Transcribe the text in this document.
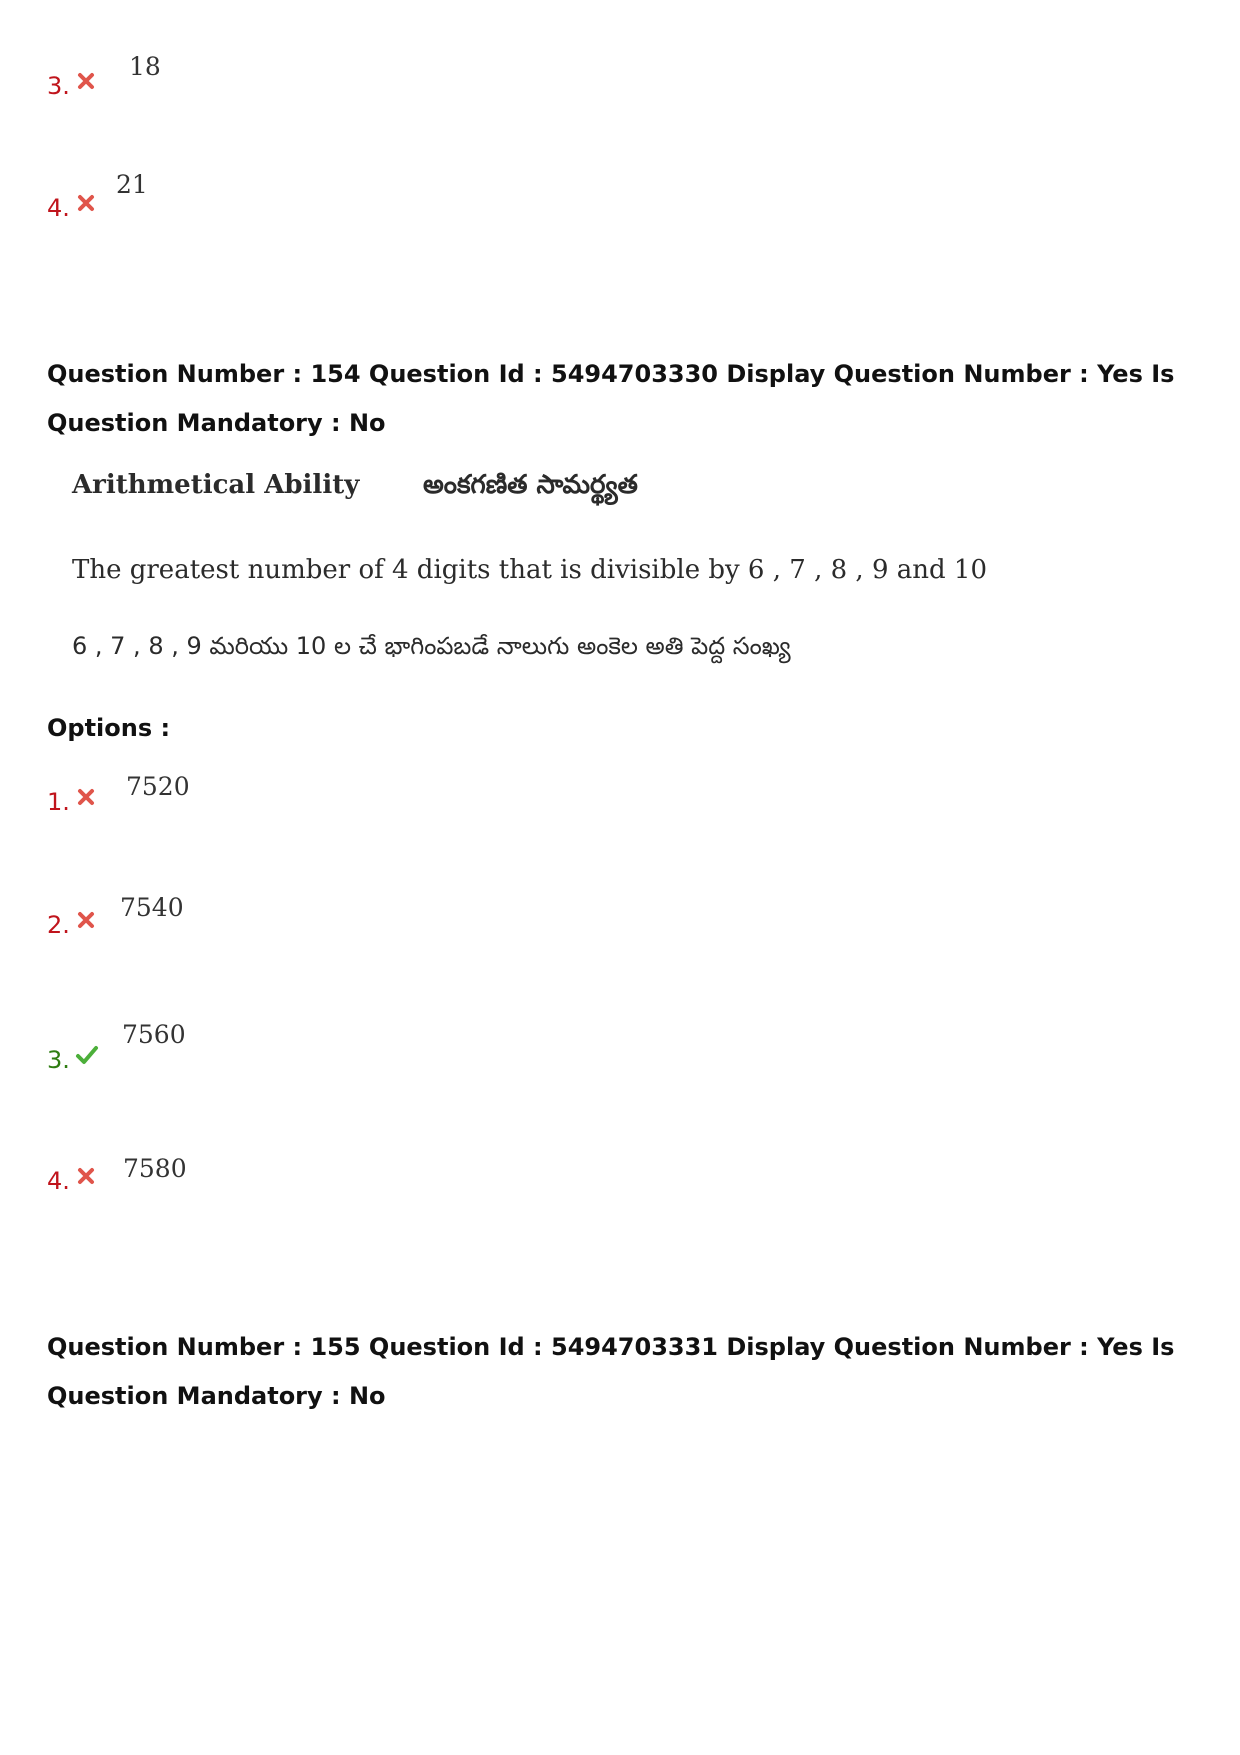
3.
18
4.
21
Question Number : 154 Question Id : 5494703330 Display Question Number : Yes Is Question Mandatory : No
Arithmetical Ability అంకగణిత సామర్థ్యత
The greatest number of 4 digits that is divisible by 6 , 7 , 8 , 9 and 10
6 , 7 , 8 , 9 మరియు 10 ల చే భాగింపబడే నాలుగు అంకెల అతి పెద్ద సంఖ్య
Options :
1.
7520
2.
7540
3.
7560
4. 7580
Question Number : 155 Question Id : 5494703331 Display Question Number : Yes Is Question Mandatory : No
